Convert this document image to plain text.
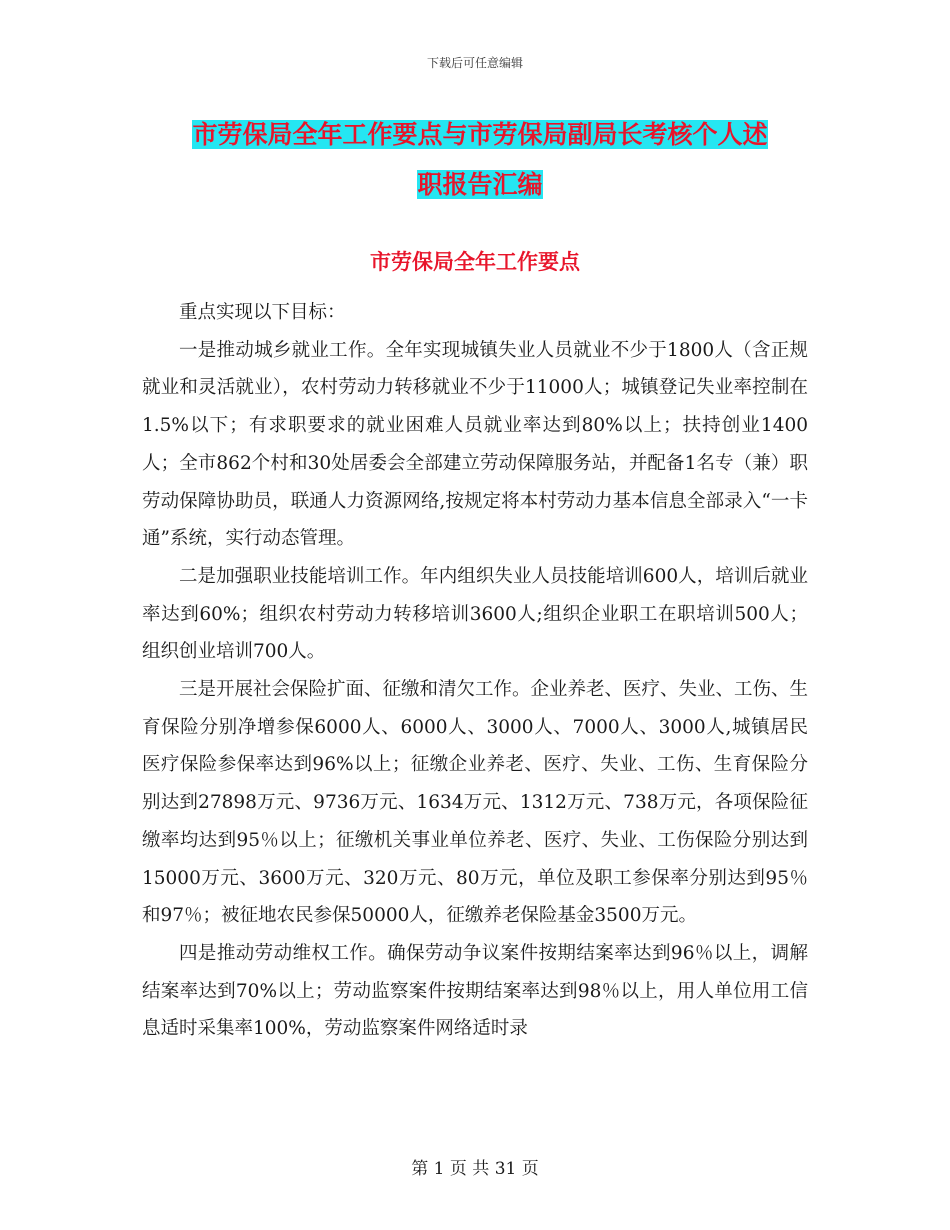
下载后可任意编辑
市劳保局全年工作要点与市劳保局副局长考核个人述
职报告汇编
市劳保局全年工作要点

重点实现以下目标：

一是推动城乡就业工作。全年实现城镇失业人员就业不少于1800人（含正规就业和灵活就业），农村劳动力转移就业不少于11000人；城镇登记失业率控制在1.5%以下；有求职要求的就业困难人员就业率达到80%以上；扶持创业1400人；全市862个村和30处居委会全部建立劳动保障服务站，并配备1名专（兼）职劳动保障协助员，联通人力资源网络,按规定将本村劳动力基本信息全部录入“一卡通”系统，实行动态管理。

二是加强职业技能培训工作。年内组织失业人员技能培训600人，培训后就业率达到60%；组织农村劳动力转移培训3600人;组织企业职工在职培训500人；组织创业培训700人。

三是开展社会保险扩面、征缴和清欠工作。企业养老、医疗、失业、工伤、生育保险分别净增参保6000人、6000人、3000人、7000人、3000人,城镇居民医疗保险参保率达到96%以上；征缴企业养老、医疗、失业、工伤、生育保险分别达到27898万元、9736万元、1634万元、1312万元、738万元，各项保险征缴率均达到95％以上；征缴机关事业单位养老、医疗、失业、工伤保险分别达到15000万元、3600万元、320万元、80万元，单位及职工参保率分别达到95％和97％；被征地农民参保50000人，征缴养老保险基金3500万元。

四是推动劳动维权工作。确保劳动争议案件按期结案率达到96％以上，调解结案率达到70%以上；劳动监察案件按期结案率达到98％以上，用人单位用工信息适时采集率100%，劳动监察案件网络适时录

第 1 页 共 31 页
